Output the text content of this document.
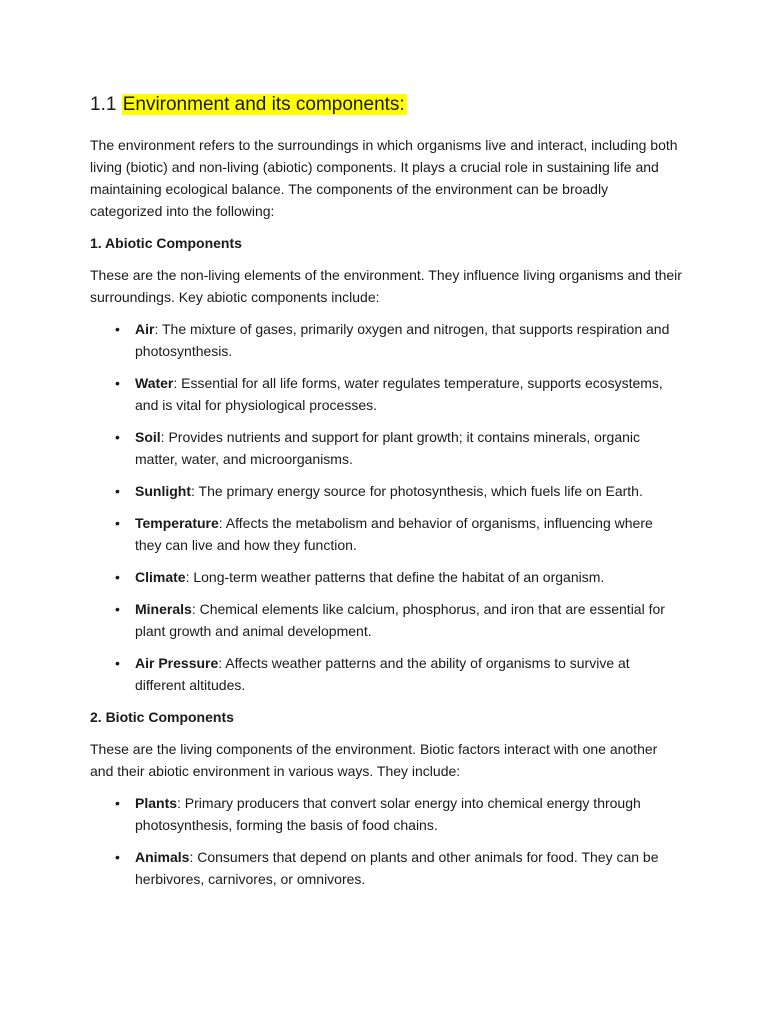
1.1 Environment and its components:

The environment refers to the surroundings in which organisms live and interact, including both living (biotic) and non-living (abiotic) components. It plays a crucial role in sustaining life and maintaining ecological balance. The components of the environment can be broadly categorized into the following:

1. Abiotic Components

These are the non-living elements of the environment. They influence living organisms and their surroundings. Key abiotic components include:

• Air: The mixture of gases, primarily oxygen and nitrogen, that supports respiration and photosynthesis.
• Water: Essential for all life forms, water regulates temperature, supports ecosystems, and is vital for physiological processes.
• Soil: Provides nutrients and support for plant growth; it contains minerals, organic matter, water, and microorganisms.
• Sunlight: The primary energy source for photosynthesis, which fuels life on Earth.
• Temperature: Affects the metabolism and behavior of organisms, influencing where they can live and how they function.
• Climate: Long-term weather patterns that define the habitat of an organism.
• Minerals: Chemical elements like calcium, phosphorus, and iron that are essential for plant growth and animal development.
• Air Pressure: Affects weather patterns and the ability of organisms to survive at different altitudes.
2. Biotic Components

These are the living components of the environment. Biotic factors interact with one another and their abiotic environment in various ways. They include:

• Plants: Primary producers that convert solar energy into chemical energy through photosynthesis, forming the basis of food chains.
• Animals: Consumers that depend on plants and other animals for food. They can be herbivores, carnivores, or omnivores.
